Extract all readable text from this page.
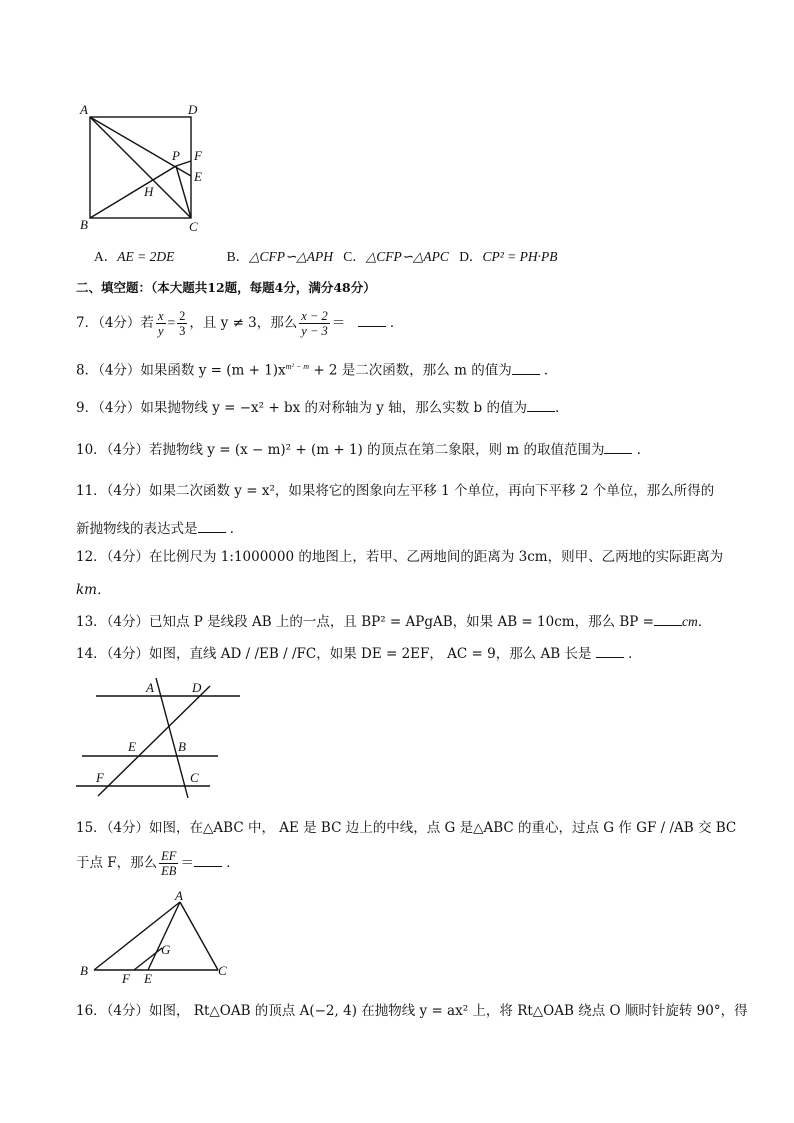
A	D
P F
E
H
B	C
A．AE = 2DE	B．△CFP∽△APH C．△CFP∽△APC D．CP² = PH·PB
二、填空题：（本大题共12题，每题4分，满分48分）
7．（4分）若 $\frac{x}{y} = \frac{2}{3}$ ，且 y ≠ 3，那么 $\frac{x - 2}{y - 3}$ ＝	．
8．（4分）如果函数 $y = (m + 1)x^{m^2 - m} + 2$ 是二次函数，那么 m 的值为 ．
9．（4分）如果抛物线 y = −x² + bx 的对称轴为 y 轴，那么实数 b 的值为 ．
10．（4分）若抛物线 y = (x − m)² + (m + 1) 的顶点在第二象限，则 m 的取值范围为 ．
11．（4分）如果二次函数 y = x²，如果将它的图象向左平移 1 个单位，再向下平移 2 个单位，那么所得的
新抛物线的表达式是 ．
12．（4分）在比例尺为 1:1000000 的地图上，若甲、乙两地间的距离为 3cm，则甲、乙两地的实际距离为
km．
13．（4分）已知点 P 是线段 AB 上的一点，且 BP² = APgAB，如果 AB = 10cm，那么 BP = cm．
14．（4分）如图，直线 AD / /EB / /FC，如果 DE = 2EF， AC = 9，那么 AB 长是	．
A	D
E	B
F	C
15．（4分）如图，在△ABC 中， AE 是 BC 边上的中线，点 G 是△ABC 的重心，过点 G 作 GF / /AB 交 BC
于点 F，那么 $\frac{EF}{EB}$ ＝ ．
A
G
B
F E
C
16．（4分）如图， Rt△OAB 的顶点 A(−2, 4) 在抛物线 y = ax² 上，将 Rt△OAB 绕点 O 顺时针旋转 90°，得
